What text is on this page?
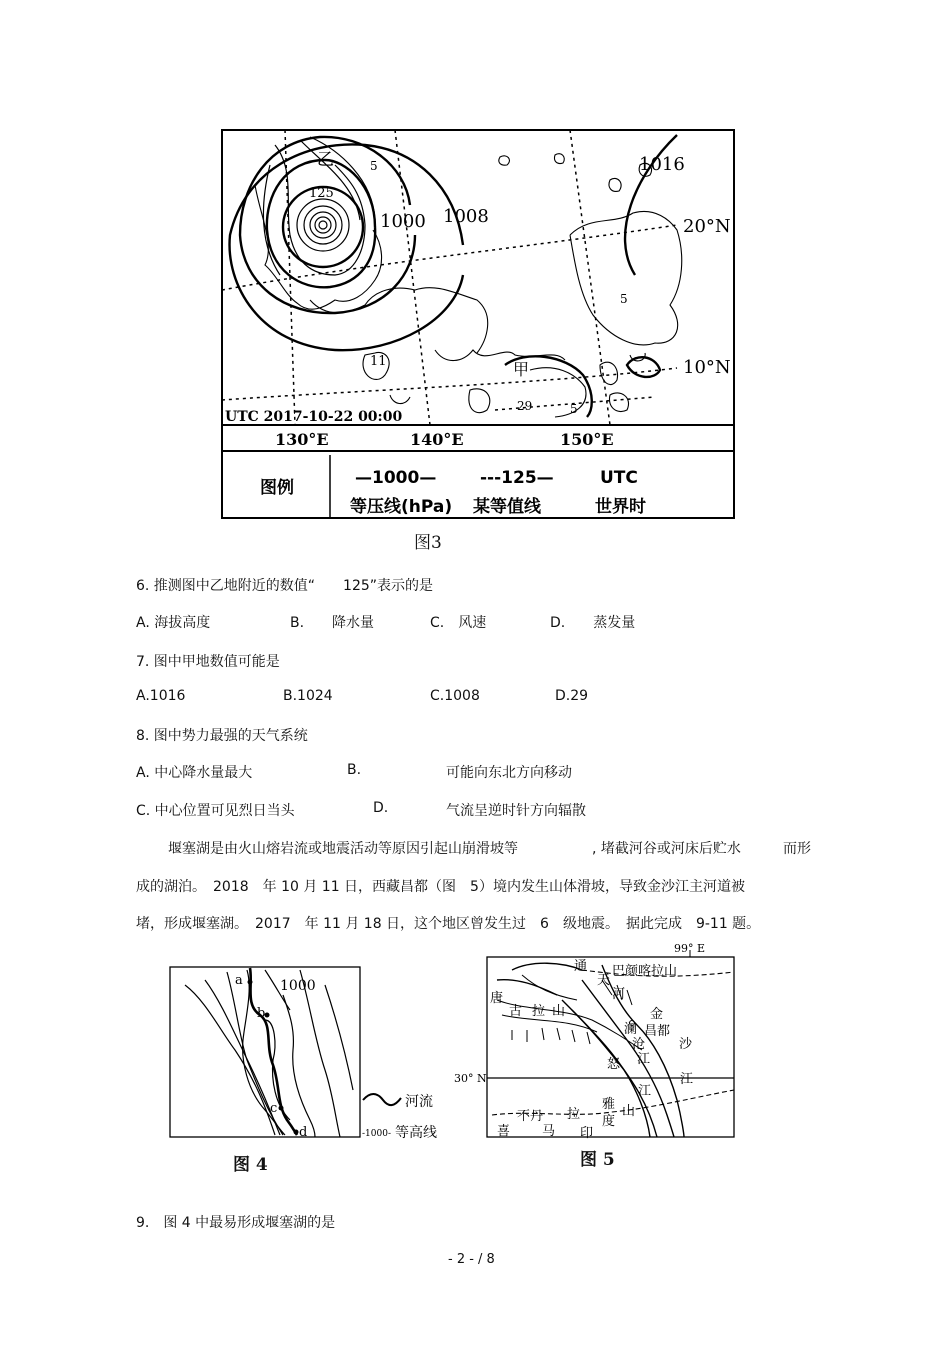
乙
125
5
1000 1008
1016
20°N
10°N
5
11	甲
29	5
UTC 2017-10-22 00:00
130°E	140°E	150°E
图例	—1000—
等压线(hPa)
---125—
某等值线
UTC
世界时
图3
6. 推测图中乙地附近的数值“　　125”表示的是
A. 海拔高度	B.　　降水量	C.　风速	D.　　蒸发量
7. 图中甲地数值可能是
A.1016	B.1024	C.1008	D.29
8. 图中势力最强的天气系统
A. 中心降水量最大	B.	可能向东北方向移动
C. 中心位置可见烈日当头	D.	气流呈逆时针方向辐散
堰塞湖是由火山熔岩流或地震活动等原因引起山崩滑坡等	, 堵截河谷或河床后贮水	而形
成的湖泊。　2018　年 10 月 11 日，西藏昌都（图　5）境内发生山体滑坡，导致金沙江主河道被
堵，形成堰塞湖。　2017　年 11 月 18 日，这个地区曾发生过　6　级地震。　据此完成　9-11 题。
a
b
c
d
1000
河流
-1000- 等高线
图 4
99° E
30° N
通
天
河
巴颜喀拉山
唐
古 拉 山	金
澜 昌都
沙
沧
江
怒
江
江
雅 山
不丹 拉 度
喜 马 印
图 5
9.　图 4 中最易形成堰塞湖的是
- 2 - / 8
